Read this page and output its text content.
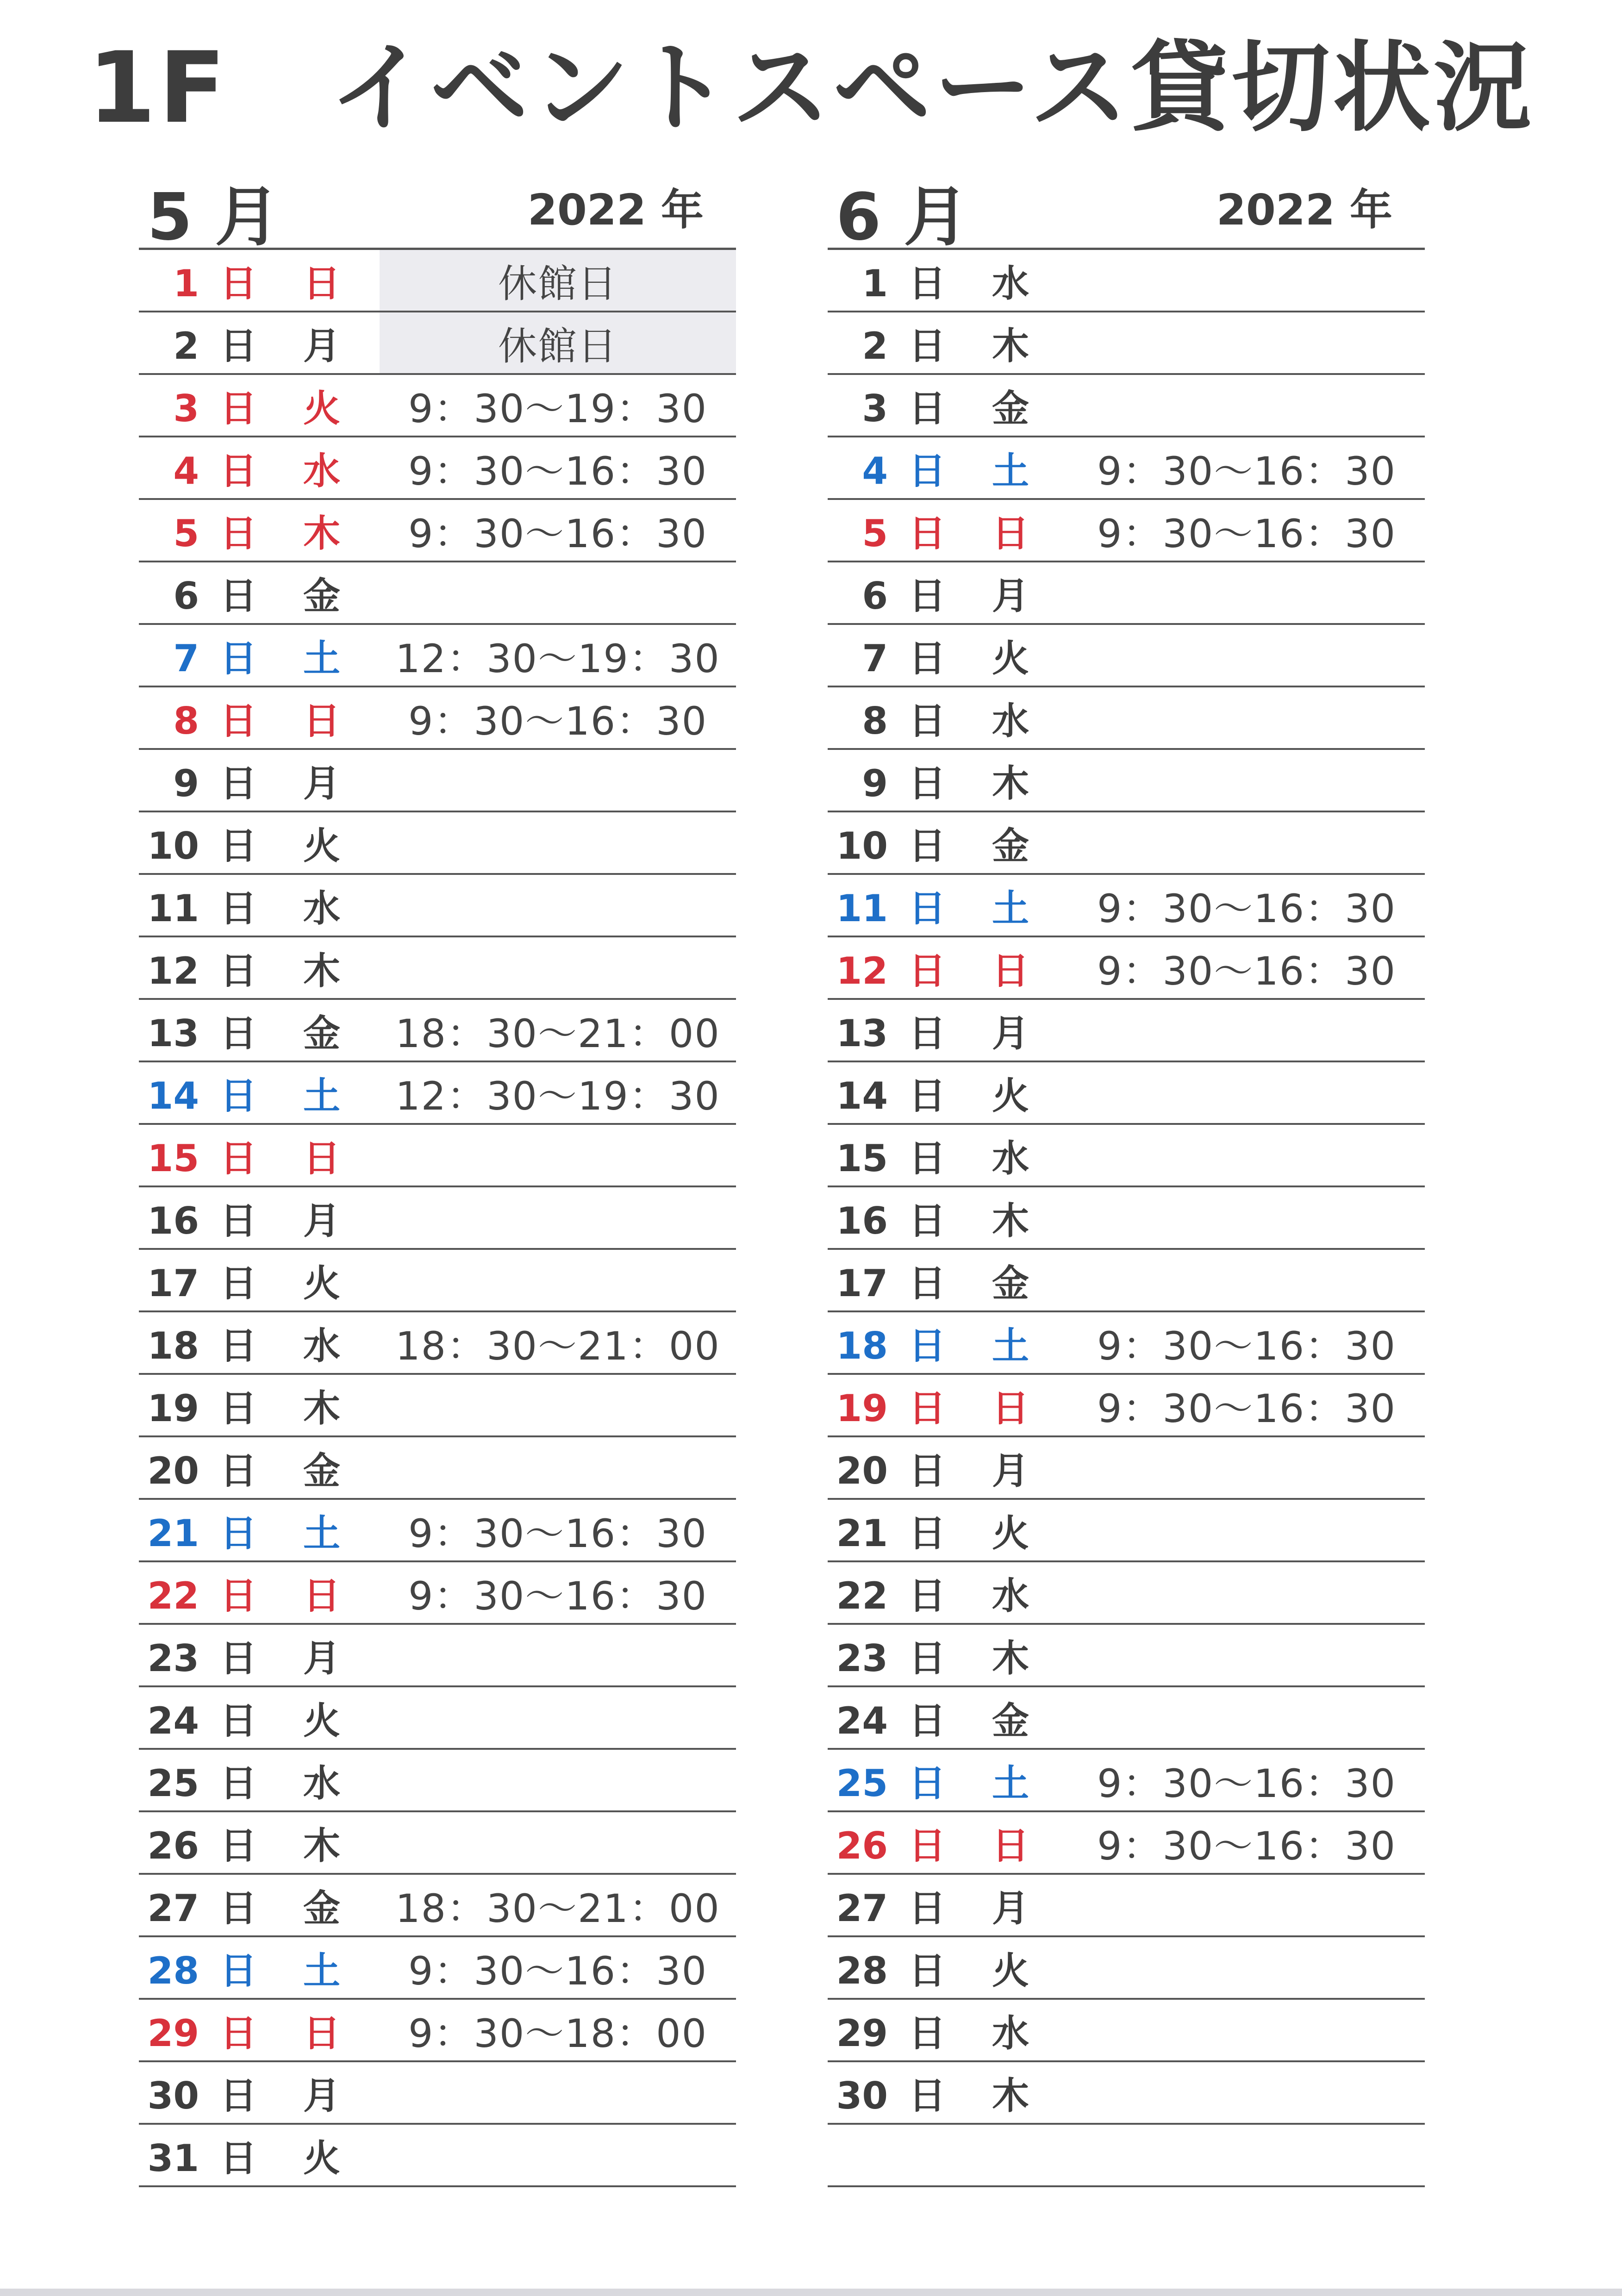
1F　イベントスペース貸切状況
5 月	2022 年
1 日 日	休館日
2 日 月	休館日
3 日 火	9：30～19：30
4 日 水	9：30～16：30
5 日 木	9：30～16：30
6 日 金
7 日 土	12：30～19：30
8 日 日	9：30～16：30
9 日 月
10 日 火
11 日 水
12 日 木
13 日 金	18：30～21：00
14 日 土	12：30～19：30
15 日 日
16 日 月
17 日 火
18 日 水	18：30～21：00
19 日 木
20 日 金
21 日 土	9：30～16：30
22 日 日	9：30～16：30
23 日 月
24 日 火
25 日 水
26 日 木
27 日 金	18：30～21：00
28 日 土	9：30～16：30
29 日 日	9：30～18：00
30 日 月
31 日 火
6 月	2022 年
1 日 水
2 日 木
3 日 金
4 日 土	9：30～16：30
5 日 日	9：30～16：30
6 日 月
7 日 火
8 日 水
9 日 木
10 日 金
11 日 土	9：30～16：30
12 日 日	9：30～16：30
13 日 月
14 日 火
15 日 水
16 日 木
17 日 金
18 日 土	9：30～16：30
19 日 日	9：30～16：30
20 日 月
21 日 火
22 日 水
23 日 木
24 日 金
25 日 土	9：30～16：30
26 日 日	9：30～16：30
27 日 月
28 日 火
29 日 水
30 日 木
